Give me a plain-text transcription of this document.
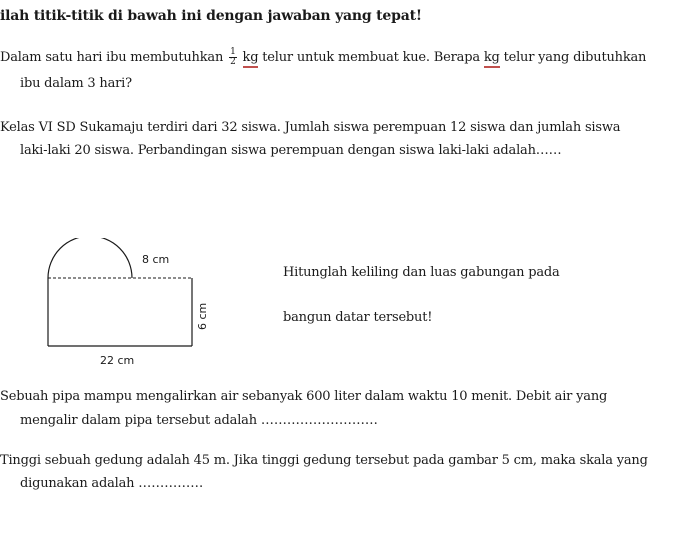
ilah titik-titik di bawah ini dengan jawaban yang tepat!
Dalam satu hari ibu membutuhkan $\frac{1}{2}$ kg telur untuk membuat kue. Berapa kg telur yang dibutuhkan
ibu dalam 3 hari?
Kelas VI SD Sukamaju terdiri dari 32 siswa. Jumlah siswa perempuan 12 siswa dan jumlah siswa
laki-laki 20 siswa. Perbandingan siswa perempuan dengan siswa laki-laki adalah……
8 cm
6 cm
22 cm
Hitunglah keliling dan luas gabungan pada
bangun datar tersebut!
Sebuah pipa mampu mengalirkan air sebanyak 600 liter dalam waktu 10 menit. Debit air yang
mengalir dalam pipa tersebut adalah ………………………
Tinggi sebuah gedung adalah 45 m. Jika tinggi gedung tersebut pada gambar 5 cm, maka skala yang
digunakan adalah ……………
